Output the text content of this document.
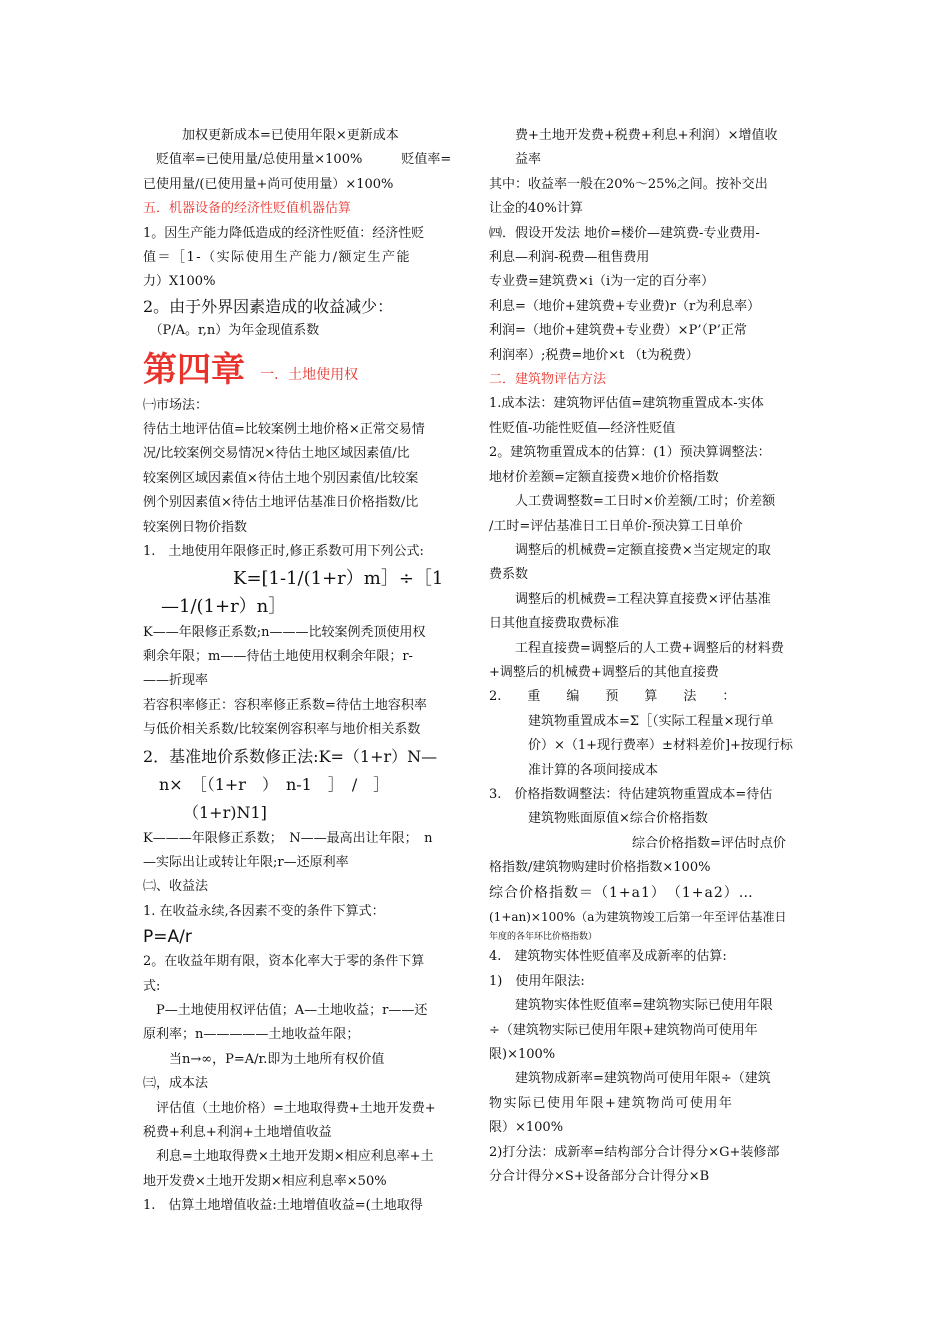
　　　加权更新成本=已使用年限×更新成本
　贬值率=已使用量/总使用量×100%　　　贬值率=
已使用量/(已使用量+尚可使用量）×100%
五．机器设备的经济性贬值机器估算
1。因生产能力降低造成的经济性贬值：经济性贬
值＝［1-（实际使用生产能力/额定生产能
力）X100%
2。由于外界因素造成的收益减少：
　（P/A。r,n）为年金现值系数
第四章 一．土地使用权
㈠市场法：
待估土地评估值=比较案例土地价格×正常交易情
况/比较案例交易情况×待估土地区域因素值/比
较案例区域因素值×待估土地个别因素值/比较案
例个别因素值×待估土地评估基准日价格指数/比
较案例日物价指数
1.　土地使用年限修正时,修正系数可用下列公式:
　　　　　K=[1-1/(1+r）m］÷［1
　—1/(1+r）n］
K——年限修正系数;n———比较案例秃顶使用权
剩余年限；m——待估土地使用权剩余年限；r-
——折现率
若容积率修正：容积率修正系数=待估土地容积率
与低价相关系数/比较案例容积率与地价相关系数
2．基准地价系数修正法:K=（1+r）N—
　n×　［（1+r　）　n-1　］　/　］
　　　（1+r)N1]
K———年限修正系数；　N——最高出让年限；　n
—实际出让或转让年限;r—还原利率
㈡、收益法
1. 在收益永续,各因素不变的条件下算式：
P=A/r
2。在收益年期有限，资本化率大于零的条件下算
式:
　P—土地使用权评估值；A—土地收益；r——还
原利率；n—————土地收益年限；
　　当n→∞，P=A/r.即为土地所有权价值
㈢，成本法
　评估值（土地价格）=土地取得费+土地开发费+
税费+利息+利润+土地增值收益
　利息=土地取得费×土地开发期×相应利息率+土
地开发费×土地开发期×相应利息率×50%
1.　估算土地增值收益:土地增值收益=(土地取得
　　费+土地开发费+税费+利息+利润）×增值收
　　益率
其中：收益率一般在20%～25%之间。按补交出
让金的40%计算
㈣．假设开发法 地价=楼价—建筑费-专业费用-
利息—利润-税费—租售费用
专业费=建筑费×i（i为一定的百分率）
利息=（地价+建筑费+专业费)r（r为利息率）
利润=（地价+建筑费+专业费）×P’（P’正常
利润率）;税费=地价×t （t为税费）
二．建筑物评估方法
1.成本法：建筑物评估值=建筑物重置成本-实体
性贬值-功能性贬值—经济性贬值
2。建筑物重置成本的估算：(1）预决算调整法：
地材价差额=定额直接费×地价价格指数
　　人工费调整数=工日时×价差额/工时；价差额
/工时=评估基准日工日单价-预决算工日单价
　　调整后的机械费=定额直接费×当定规定的取
费系数
　　调整后的机械费=工程决算直接费×评估基准
日其他直接费取费标准
　　工程直接费=调整后的人工费+调整后的材料费
+调整后的机械费+调整后的其他直接费
2.　　重　　编　　预　　算　　法　　：
　　　建筑物重置成本=Σ［（实际工程量×现行单
　　　价）×（1+现行费率）±材料差价]+按现行标
　　　准计算的各项间接成本
3.　价格指数调整法：待估建筑物重置成本=待估
　　　建筑物账面原值×综合价格指数
　　　　　　　　　　　综合价格指数=评估时点价
格指数/建筑物购建时价格指数×100%
综合价格指数＝（1+a1）　（1+a2）…
(1+an)×100%（a为建筑物竣工后第一年至评估基准日
年度的各年环比价格指数）
4.　建筑物实体性贬值率及成新率的估算:
1)　使用年限法:
　　建筑物实体性贬值率=建筑物实际已使用年限
÷（建筑物实际已使用年限+建筑物尚可使用年
限)×100%
　　建筑物成新率=建筑物尚可使用年限÷（建筑
物实际已使用年限+建筑物尚可使用年
限）×100%
2)打分法：成新率=结构部分合计得分×G+装修部
分合计得分×S+设备部分合计得分×B
